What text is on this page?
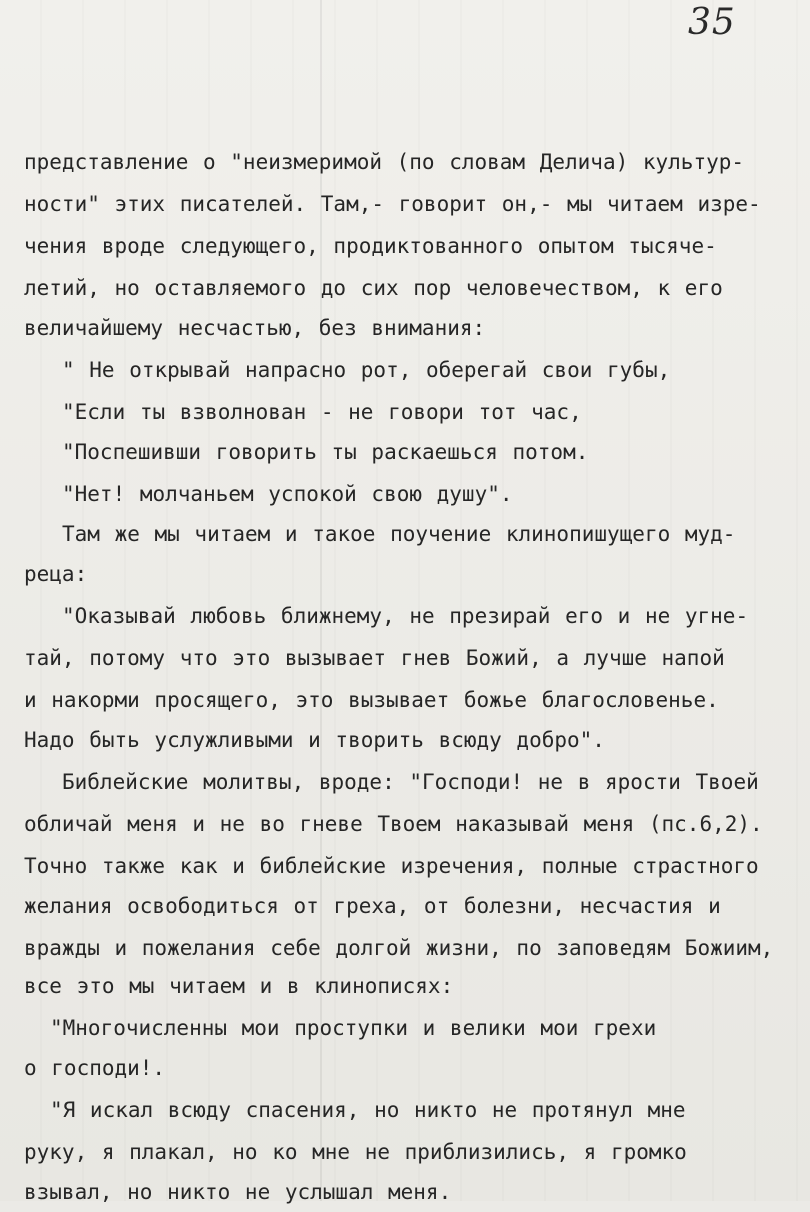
35
представление о "неизмеримой (по словам Делича) культур-
ности" этих писателей. Там,- говорит он,- мы читаем изре-
чения вроде следующего, продиктованного опытом тысяче-
летий, но оставляемого до сих пор человечеством, к его
величайшему несчастью, без внимания:
" Не открывай напрасно рот, оберегай свои губы,
"Если ты взволнован - не говори тот час,
"Поспешивши говорить ты раскаешься потом.
"Нет! молчаньем успокой свою душу".
Там же мы читаем и такое поучение клинопишущего муд-
реца:
"Оказывай любовь ближнему, не презирай его и не угне-
тай, потому что это вызывает гнев Божий, а лучше напой
и накорми просящего, это вызывает божье благословенье.
Надо быть услужливыми и творить всюду добро".
Библейские молитвы, вроде: "Господи! не в ярости Твоей
обличай меня и не во гневе Твоем наказывай меня (пс.6,2).
Точно также как и библейские изречения, полные страстного
желания освободиться от греха, от болезни, несчастия и
вражды и пожелания себе долгой жизни, по заповедям Божиим,
все это мы читаем и в клинописях:
"Многочисленны мои проступки и велики мои грехи
о господи!.
"Я искал всюду спасения, но никто не протянул мне
руку, я плакал, но ко мне не приблизились, я громко
взывал, но никто не услышал меня.
